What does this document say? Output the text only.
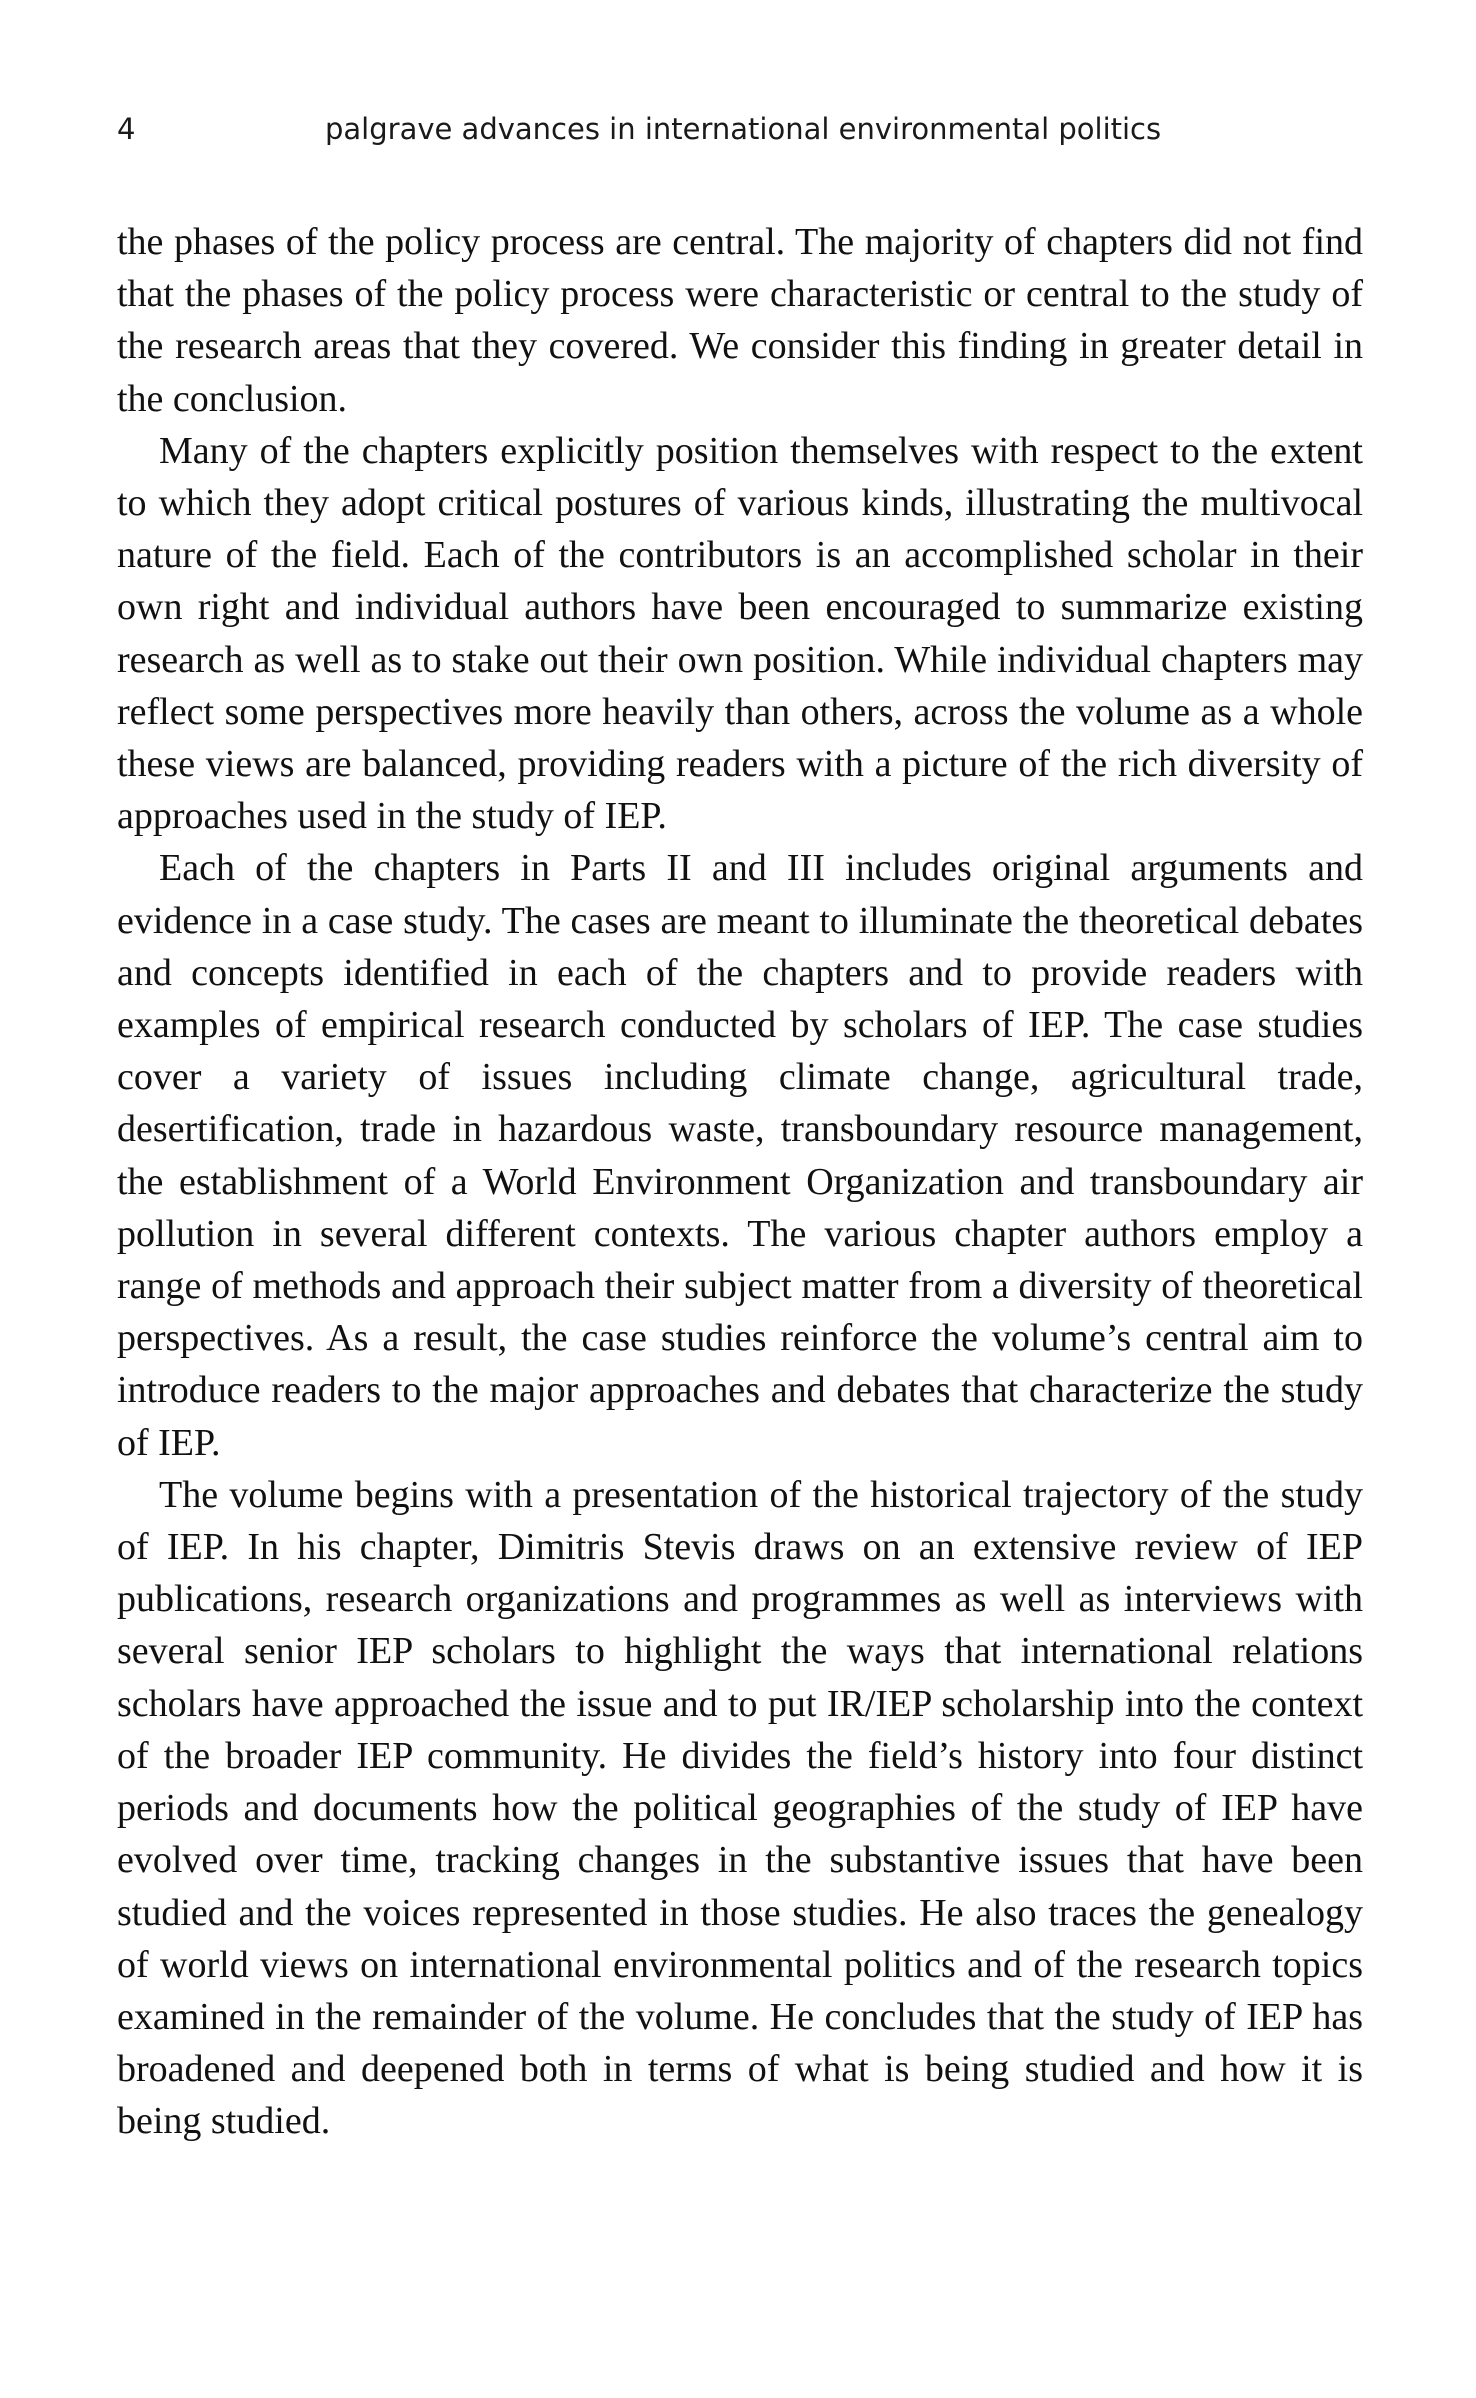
4	palgrave advances in international environmental politics

the phases of the policy process are central. The majority of chapters did not find that the phases of the policy process were characteristic or central to the study of the research areas that they covered. We consider this finding in greater detail in the conclusion.

Many of the chapters explicitly position themselves with respect to the extent to which they adopt critical postures of various kinds, illustrating the multivocal nature of the field. Each of the contributors is an accomplished scholar in their own right and individual authors have been encouraged to summarize existing research as well as to stake out their own position. While individual chapters may reflect some perspectives more heavily than others, across the volume as a whole these views are balanced, providing readers with a picture of the rich diversity of approaches used in the study of IEP.

Each of the chapters in Parts II and III includes original arguments and evidence in a case study. The cases are meant to illuminate the theoretical debates and concepts identified in each of the chapters and to provide readers with examples of empirical research conducted by scholars of IEP. The case studies cover a variety of issues including climate change, agricultural trade, desertification, trade in hazardous waste, transboundary resource management, the establishment of a World Environment Organization and transboundary air pollution in several different contexts. The various chapter authors employ a range of methods and approach their subject matter from a diversity of theoretical perspectives. As a result, the case studies reinforce the volume’s central aim to introduce readers to the major approaches and debates that characterize the study of IEP.

The volume begins with a presentation of the historical trajectory of the study of IEP. In his chapter, Dimitris Stevis draws on an extensive review of IEP publications, research organizations and programmes as well as interviews with several senior IEP scholars to highlight the ways that international relations scholars have approached the issue and to put IR/IEP scholarship into the context of the broader IEP community. He divides the field’s history into four distinct periods and documents how the political geographies of the study of IEP have evolved over time, tracking changes in the substantive issues that have been studied and the voices represented in those studies. He also traces the genealogy of world views on international environmental politics and of the research topics examined in the remainder of the volume. He concludes that the study of IEP has broadened and deepened both in terms of what is being studied and how it is being studied.
